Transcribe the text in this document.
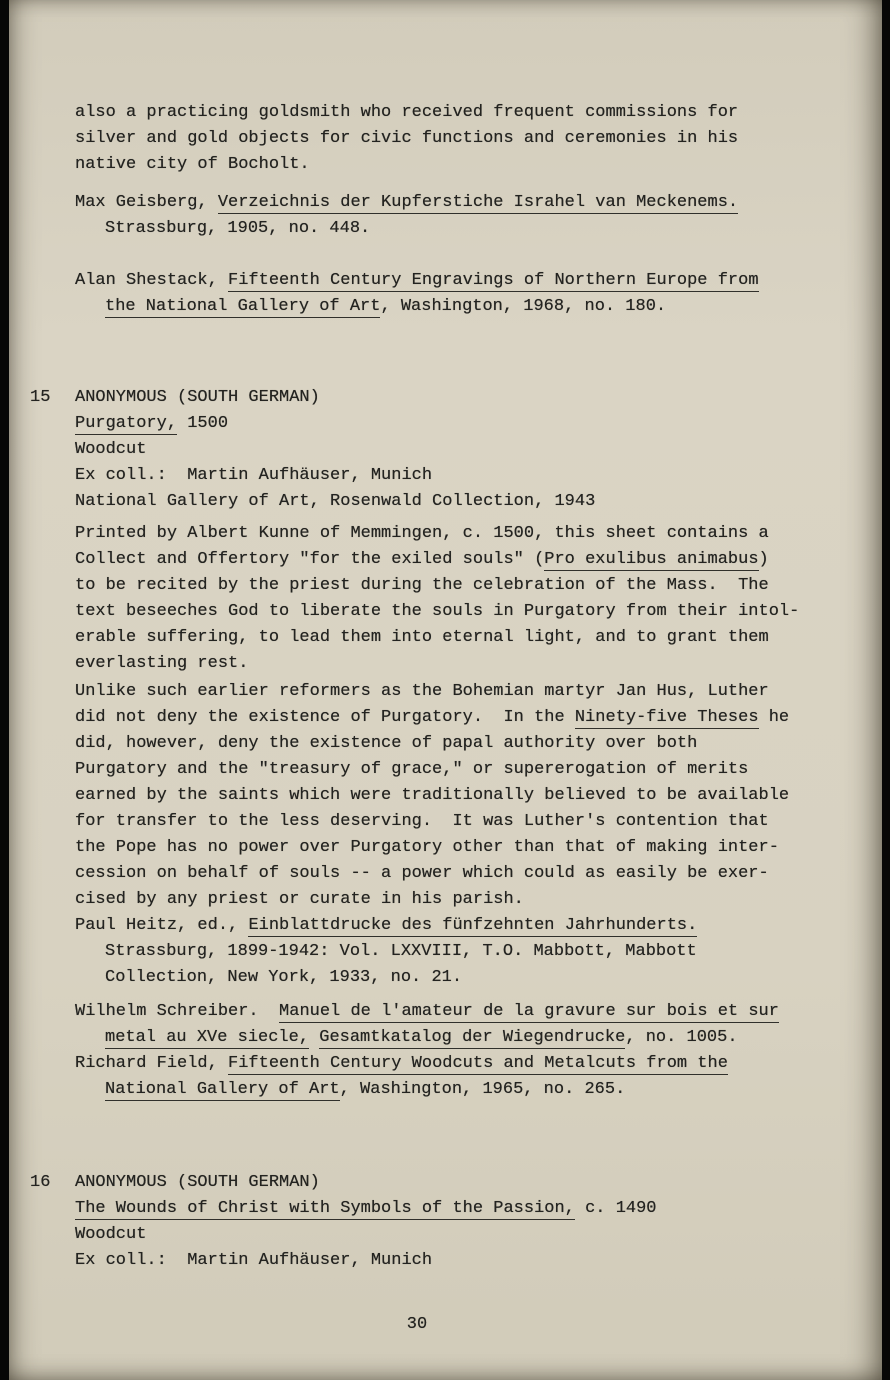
also a practicing goldsmith who received frequent commissions for
silver and gold objects for civic functions and ceremonies in his
native city of Bocholt.
Max Geisberg, Verzeichnis der Kupferstiche Israhel van Meckenems.
Strassburg, 1905, no. 448.
Alan Shestack, Fifteenth Century Engravings of Northern Europe from
the National Gallery of Art, Washington, 1968, no. 180.
15 ANONYMOUS (SOUTH GERMAN)
Purgatory, 1500
Woodcut
Ex coll.:  Martin Aufhäuser, Munich
National Gallery of Art, Rosenwald Collection, 1943
Printed by Albert Kunne of Memmingen, c. 1500, this sheet contains a
Collect and Offertory "for the exiled souls" (Pro exulibus animabus)
to be recited by the priest during the celebration of the Mass.  The
text beseeches God to liberate the souls in Purgatory from their intol-
erable suffering, to lead them into eternal light, and to grant them
everlasting rest.
Unlike such earlier reformers as the Bohemian martyr Jan Hus, Luther
did not deny the existence of Purgatory.  In the Ninety-five Theses he
did, however, deny the existence of papal authority over both
Purgatory and the "treasury of grace," or supererogation of merits
earned by the saints which were traditionally believed to be available
for transfer to the less deserving.  It was Luther's contention that
the Pope has no power over Purgatory other than that of making inter-
cession on behalf of souls -- a power which could as easily be exer-
cised by any priest or curate in his parish.
Paul Heitz, ed., Einblattdrucke des fünfzehnten Jahrhunderts.
Strassburg, 1899-1942: Vol. LXXVIII, T.O. Mabbott, Mabbott
Collection, New York, 1933, no. 21.
Wilhelm Schreiber.  Manuel de l'amateur de la gravure sur bois et sur
metal au XVe siecle, Gesamtkatalog der Wiegendrucke, no. 1005.
Richard Field, Fifteenth Century Woodcuts and Metalcuts from the
National Gallery of Art, Washington, 1965, no. 265.
16 ANONYMOUS (SOUTH GERMAN)
The Wounds of Christ with Symbols of the Passion, c. 1490
Woodcut
Ex coll.:  Martin Aufhäuser, Munich
30
